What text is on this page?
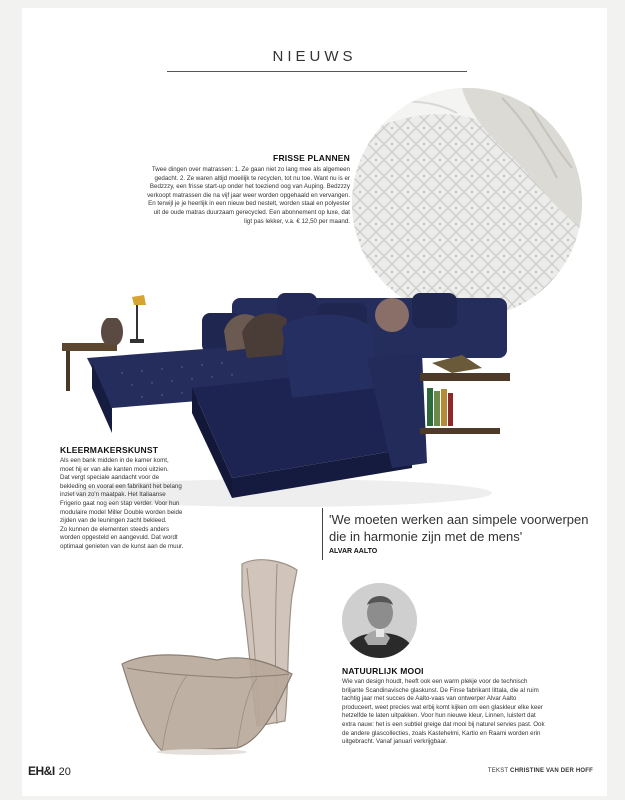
NIEUWS
FRISSE PLANNEN
Twee dingen over matrassen: 1. Ze gaan niet zo lang mee als algemeen
gedacht. 2. Ze waren altijd moeilijk te recyclen, tot nu toe. Want nu is er
Bedzzzy, een frisse start-up onder het toeziend oog van Auping. Bedzzzy
verkoopt matrassen die na vijf jaar weer worden opgehaald en vervangen.
En terwijl je je heerlijk in een nieuw bed nestelt, worden staal en polyester
uit de oude matras duurzaam gerecycled. Een abonnement op luxe, dat
ligt pas lekker, v.a. € 12,50 per maand.
KLEERMAKERSKUNST
Als een bank midden in de kamer komt,
moet hij er van alle kanten mooi uitzien.
Dat vergt speciale aandacht voor de
bekleding en vooral een fabrikant het belang
inziet van zo'n maatpak. Het Italiaanse
Frigerio gaat nog een stap verder. Voor hun
modulaire model Miller Double worden beide
zijden van de leuningen zacht bekleed.
Zo kunnen de elementen steeds anders
worden opgesteld en aangevuld. Dat wordt
optimaal genieten van de kunst aan de muur.
'We moeten werken aan simpele voorwerpen
die in harmonie zijn met de mens'
ALVAR AALTO
NATUURLIJK MOOI
Wie van design houdt, heeft ook een warm plekje voor de technisch
briljante Scandinavische glaskunst. De Finse fabrikant Iittala, die al ruim
tachtig jaar met succes de Aalto-vaas van ontwerper Alvar Aalto
produceert, weet precies wat erbij komt kijken om een glaskleur elke keer
hetzelfde te laten uitpakken. Voor hun nieuwe kleur, Linnen, luistert dat
extra nauw: het is een subtiel greige dat mooi bij naturel servies past. Ook
de andere glascollecties, zoals Kastehelmi, Kartio en Raami worden erin
uitgebracht. Vanaf januari verkrijgbaar.
EH&I 20	TEKST CHRISTINE VAN DER HOFF
